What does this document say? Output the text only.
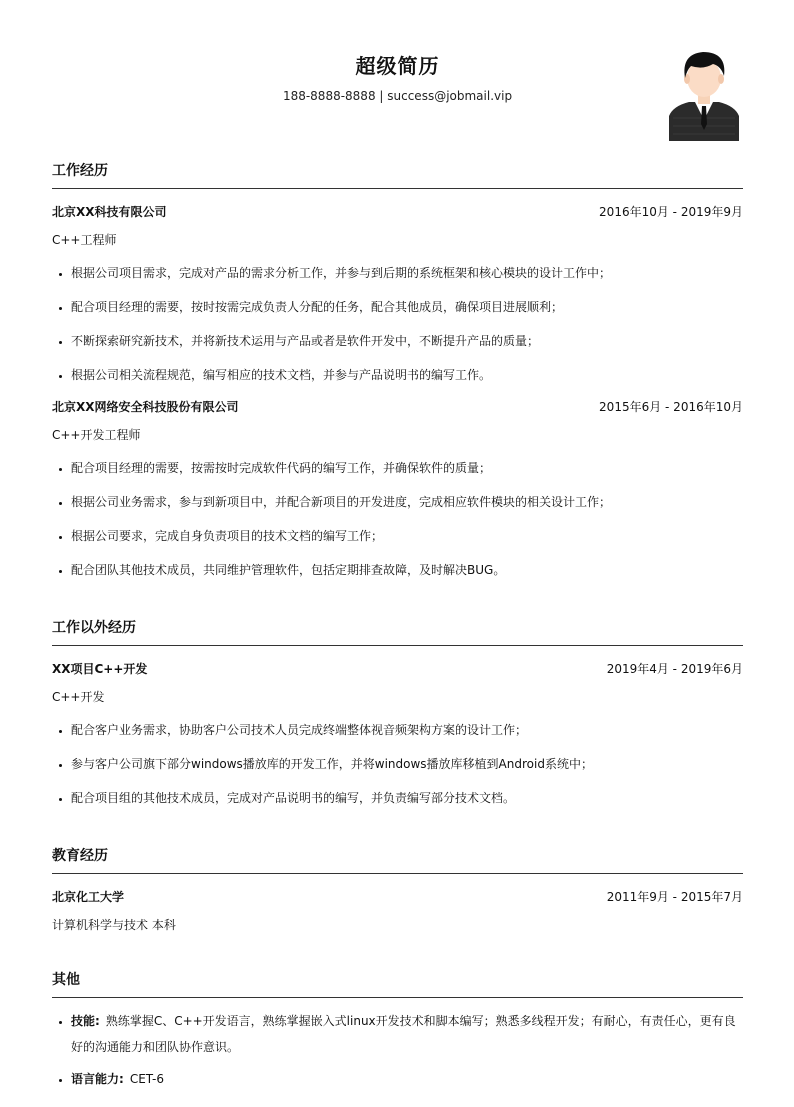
超级简历
188-8888-8888 | success@jobmail.vip
工作经历
北京XX科技有限公司	2016年10月 - 2019年9月
C++工程师
• 根据公司项目需求，完成对产品的需求分析工作，并参与到后期的系统框架和核心模块的设计工作中；
• 配合项目经理的需要，按时按需完成负责人分配的任务，配合其他成员，确保项目进展顺利；
• 不断探索研究新技术，并将新技术运用与产品或者是软件开发中，不断提升产品的质量；
• 根据公司相关流程规范，编写相应的技术文档，并参与产品说明书的编写工作。
北京XX网络安全科技股份有限公司	2015年6月 - 2016年10月
C++开发工程师
• 配合项目经理的需要，按需按时完成软件代码的编写工作，并确保软件的质量；
• 根据公司业务需求，参与到新项目中，并配合新项目的开发进度，完成相应软件模块的相关设计工作；
• 根据公司要求，完成自身负责项目的技术文档的编写工作；
• 配合团队其他技术成员，共同维护管理软件，包括定期排查故障，及时解决BUG。
工作以外经历
XX项目C++开发	2019年4月 - 2019年6月
C++开发
• 配合客户业务需求，协助客户公司技术人员完成终端整体视音频架构方案的设计工作；
• 参与客户公司旗下部分windows播放库的开发工作，并将windows播放库移植到Android系统中；
• 配合项目组的其他技术成员，完成对产品说明书的编写，并负责编写部分技术文档。
教育经历
北京化工大学	2011年9月 - 2015年7月
计算机科学与技术 本科
其他
• 技能: 熟练掌握C、C++开发语言，熟练掌握嵌入式linux开发技术和脚本编写；熟悉多线程开发；有耐心，有责任心，更有良好的沟通能力和团队协作意识。
• 语言能力: CET-6
